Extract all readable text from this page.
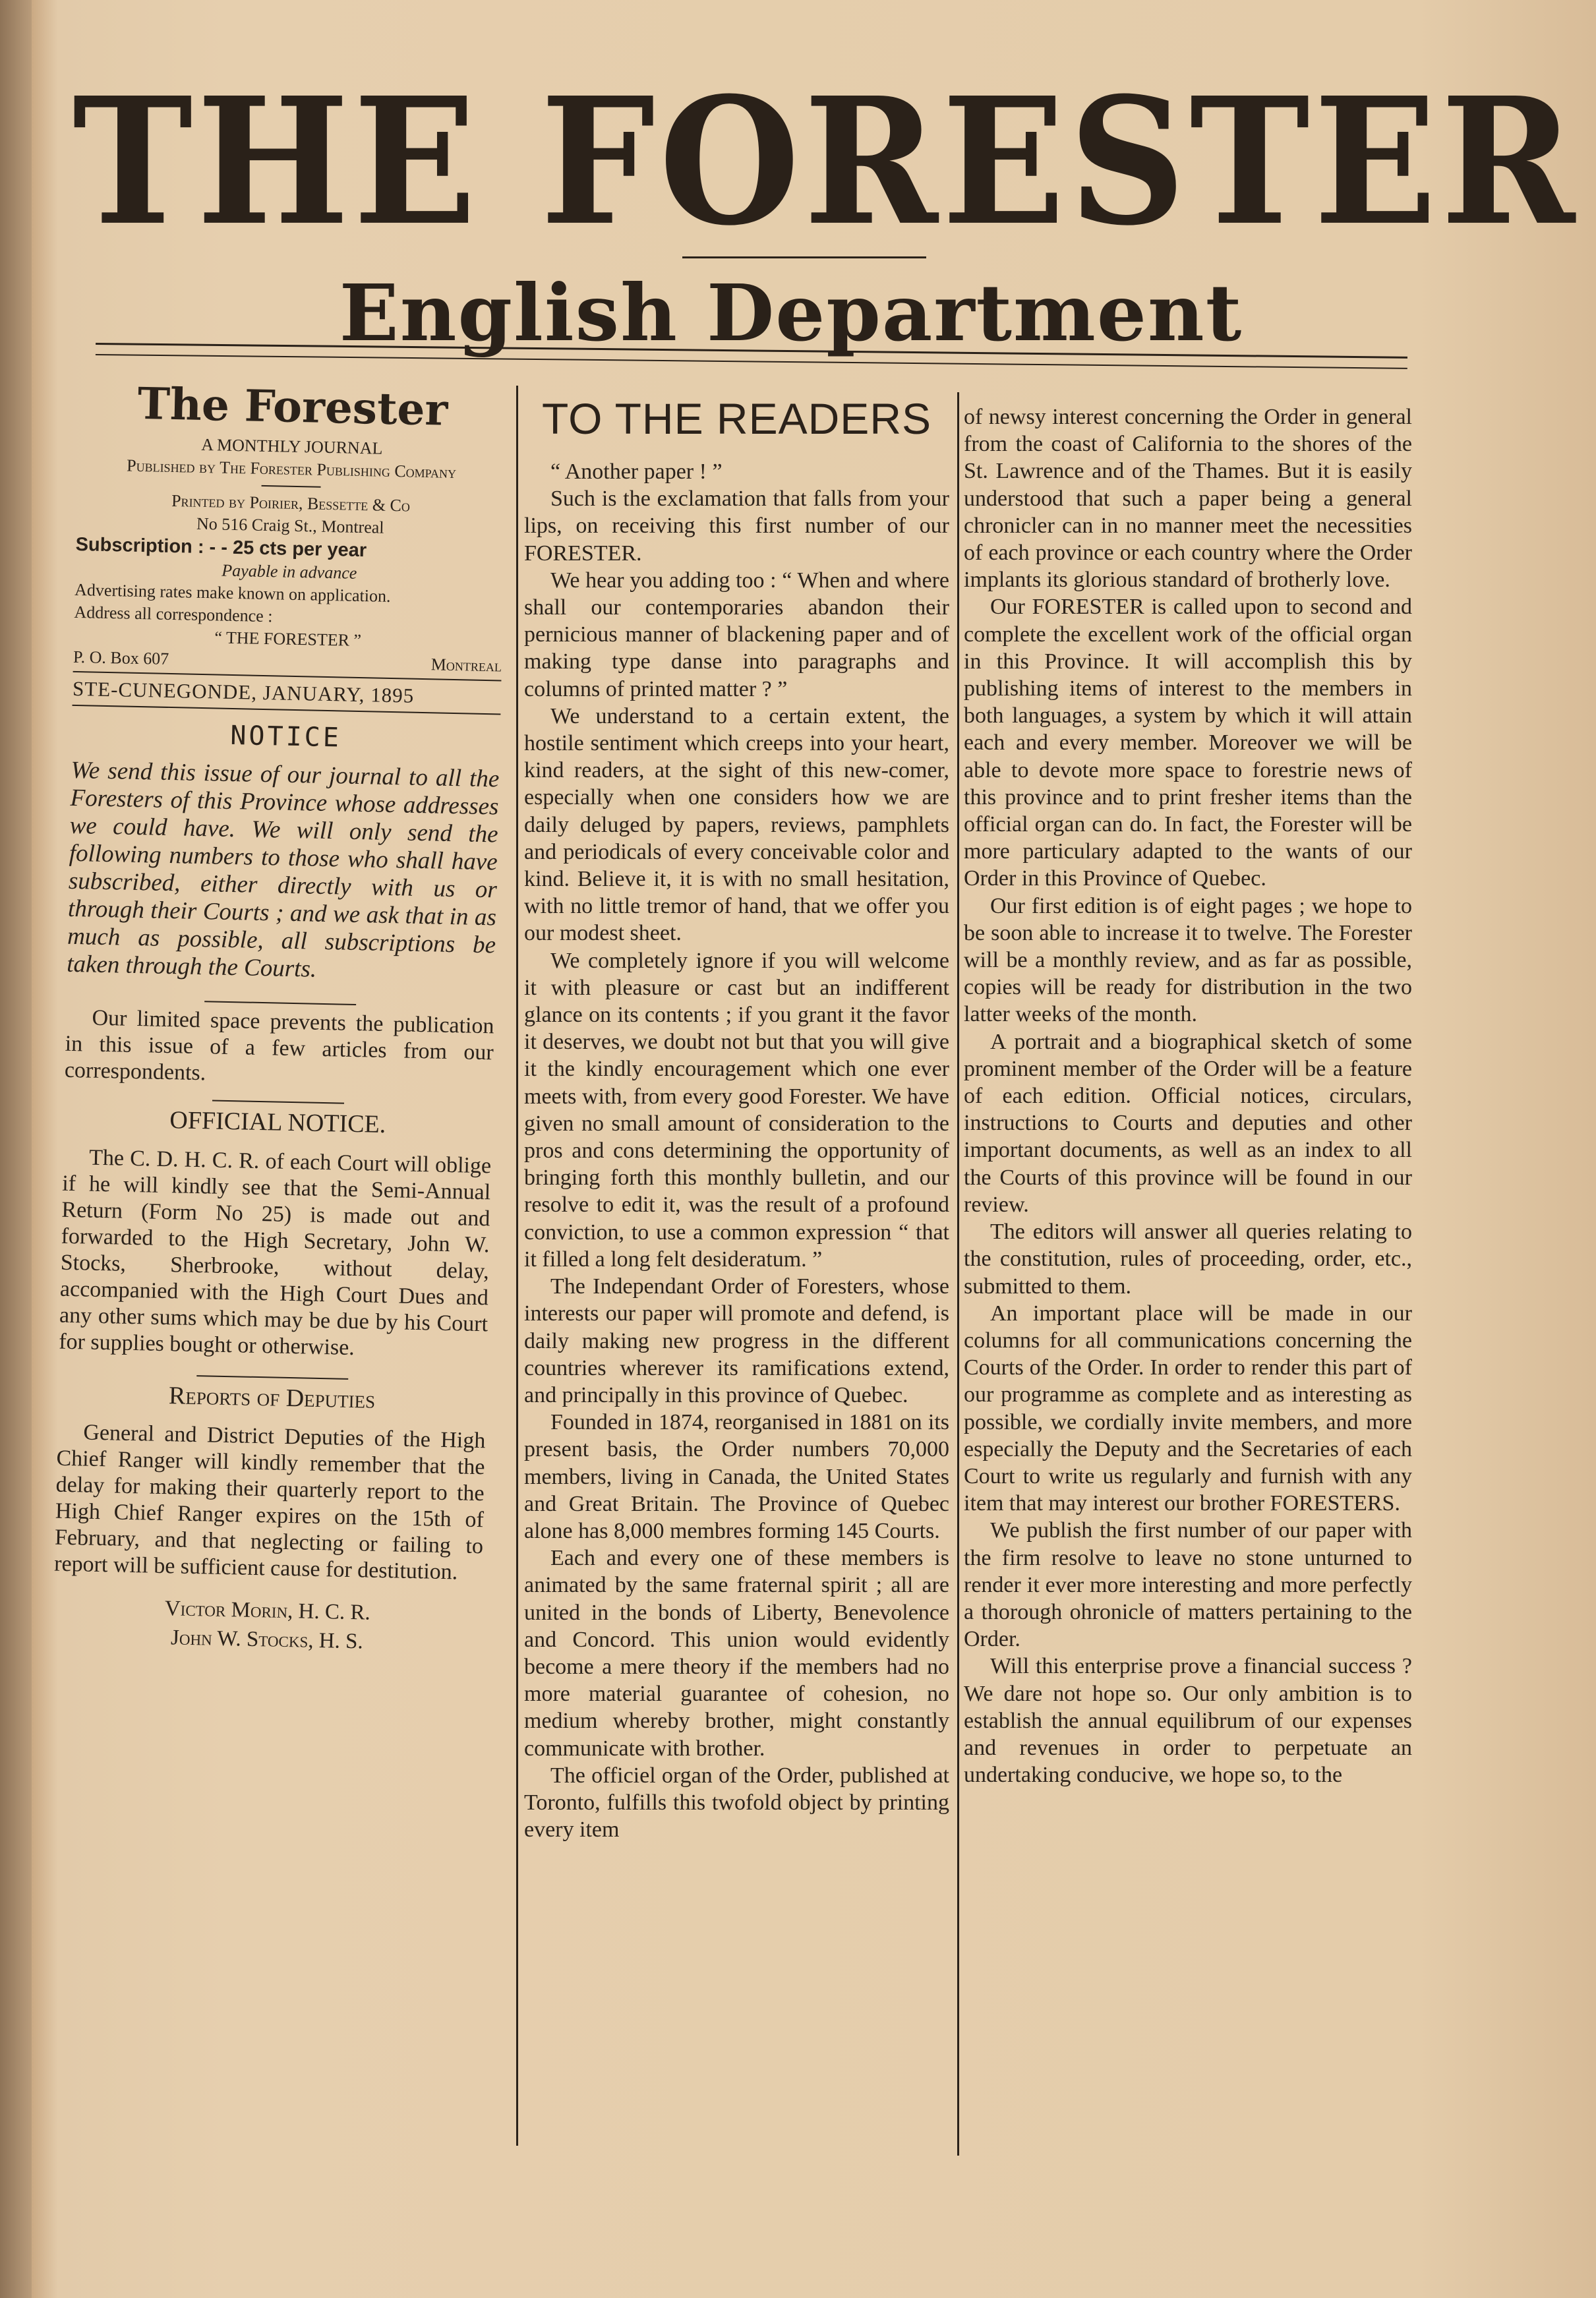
THE FORESTER
English Department
The Forester
A MONTHLY JOURNAL
Published by The Forester Publishing Company
Printed by Poirier, Bessette & Co
No 516 Craig St., Montreal
Subscription : - - 25 cts per year
Payable in advance
Advertising rates make known on application.
Address all correspondence :
“ THE FORESTER ”
P. O. Box 607	Montreal
STE-CUNEGONDE, JANUARY, 1895
NOTICE
We send this issue of our journal to all the Foresters of this Province whose addresses we could have. We will only send the following numbers to those who shall have subscribed, either directly with us or through their Courts ; and we ask that in as much as possible, all subscriptions be taken through the Courts.

Our limited space prevents the publication in this issue of a few articles from our correspondents.

OFFICIAL NOTICE.

The C. D. H. C. R. of each Court will oblige if he will kindly see that the Semi-Annual Return (Form No 25) is made out and forwarded to the High Secretary, John W. Stocks, Sherbrooke, without delay, accompanied with the High Court Dues and any other sums which may be due by his Court for supplies bought or otherwise.

Reports of Deputies

General and District Deputies of the High Chief Ranger will kindly remember that the delay for making their quarterly report to the High Chief Ranger expires on the 15th of February, and that neglecting or failing to report will be sufficient cause for destitution.

Victor Morin, H. C. R.
John W. Stocks, H. S.
TO THE READERS

“ Another paper ! ”

Such is the exclamation that falls from your lips, on receiving this first number of our FORESTER.

We hear you adding too : “ When and where shall our contemporaries abandon their pernicious manner of blackening paper and of making type danse into paragraphs and columns of printed matter ? ”

We understand to a certain extent, the hostile sentiment which creeps into your heart, kind readers, at the sight of this new-comer, especially when one considers how we are daily deluged by papers, reviews, pamphlets and periodicals of every conceivable color and kind. Believe it, it is with no small hesitation, with no little tremor of hand, that we offer you our modest sheet.

We completely ignore if you will welcome it with pleasure or cast but an indifferent glance on its contents ; if you grant it the favor it deserves, we doubt not but that you will give it the kindly encouragement which one ever meets with, from every good Forester. We have given no small amount of consideration to the pros and cons determining the opportunity of bringing forth this monthly bulletin, and our resolve to edit it, was the result of a profound conviction, to use a common expression “ that it filled a long felt desideratum. ”

The Independant Order of Foresters, whose interests our paper will promote and defend, is daily making new progress in the different countries wherever its ramifications extend, and principally in this province of Quebec.

Founded in 1874, reorganised in 1881 on its present basis, the Order numbers 70,000 members, living in Canada, the United States and Great Britain. The Province of Quebec alone has 8,000 membres forming 145 Courts.

Each and every one of these members is animated by the same fraternal spirit ; all are united in the bonds of Liberty, Benevolence and Concord. This union would evidently become a mere theory if the members had no more material guarantee of cohesion, no medium whereby brother, might constantly communicate with brother.

The officiel organ of the Order, published at Toronto, fulfills this twofold object by printing every item

of newsy interest concerning the Order in general from the coast of California to the shores of the St. Lawrence and of the Thames. But it is easily understood that such a paper being a general chronicler can in no manner meet the necessities of each province or each country where the Order implants its glorious standard of brotherly love.

Our FORESTER is called upon to second and complete the excellent work of the official organ in this Province. It will accomplish this by publishing items of interest to the members in both languages, a system by which it will attain each and every member. Moreover we will be able to devote more space to forestrie news of this province and to print fresher items than the official organ can do. In fact, the Forester will be more particulary adapted to the wants of our Order in this Province of Quebec.

Our first edition is of eight pages ; we hope to be soon able to increase it to twelve. The Forester will be a monthly review, and as far as possible, copies will be ready for distribution in the two latter weeks of the month.

A portrait and a biographical sketch of some prominent member of the Order will be a feature of each edition. Official notices, circulars, instructions to Courts and deputies and other important documents, as well as an index to all the Courts of this province will be found in our review.

The editors will answer all queries relating to the constitution, rules of proceeding, order, etc., submitted to them.

An important place will be made in our columns for all communications concerning the Courts of the Order. In order to render this part of our programme as complete and as interesting as possible, we cordially invite members, and more especially the Deputy and the Secretaries of each Court to write us regularly and furnish with any item that may interest our brother FORESTERS.

We publish the first number of our paper with the firm resolve to leave no stone unturned to render it ever more interesting and more perfectly a thorough ohronicle of matters pertaining to the Order.

Will this enterprise prove a financial success ? We dare not hope so. Our only ambition is to establish the annual equilibrum of our expenses and revenues in order to perpetuate an undertaking conducive, we hope so, to the
